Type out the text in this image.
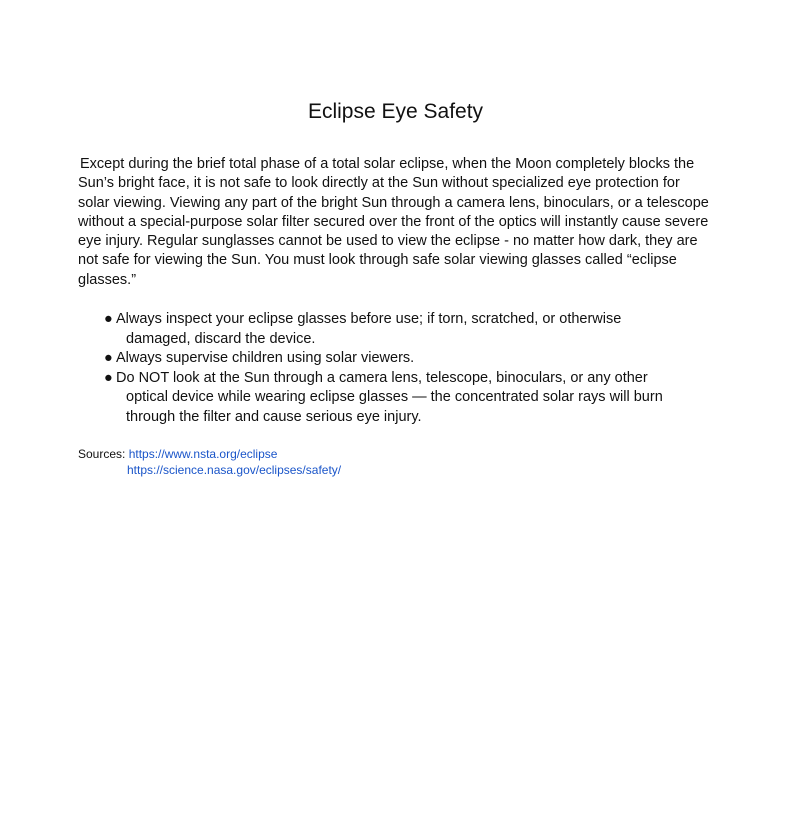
Eclipse Eye Safety

Except during the brief total phase of a total solar eclipse, when the Moon completely blocks the Sun’s bright face, it is not safe to look directly at the Sun without specialized eye protection for solar viewing. Viewing any part of the bright Sun through a camera lens, binoculars, or a telescope without a special-purpose solar filter secured over the front of the optics will instantly cause severe eye injury. Regular sunglasses cannot be used to view the eclipse - no matter how dark, they are not safe for viewing the Sun. You must look through safe solar viewing glasses called “eclipse glasses.”

● Always inspect your eclipse glasses before use; if torn, scratched, or otherwise damaged, discard the device.
● Always supervise children using solar viewers.
● Do NOT look at the Sun through a camera lens, telescope, binoculars, or any other optical device while wearing eclipse glasses — the concentrated solar rays will burn through the filter and cause serious eye injury.
Sources: https://www.nsta.org/eclipse
https://science.nasa.gov/eclipses/safety/
